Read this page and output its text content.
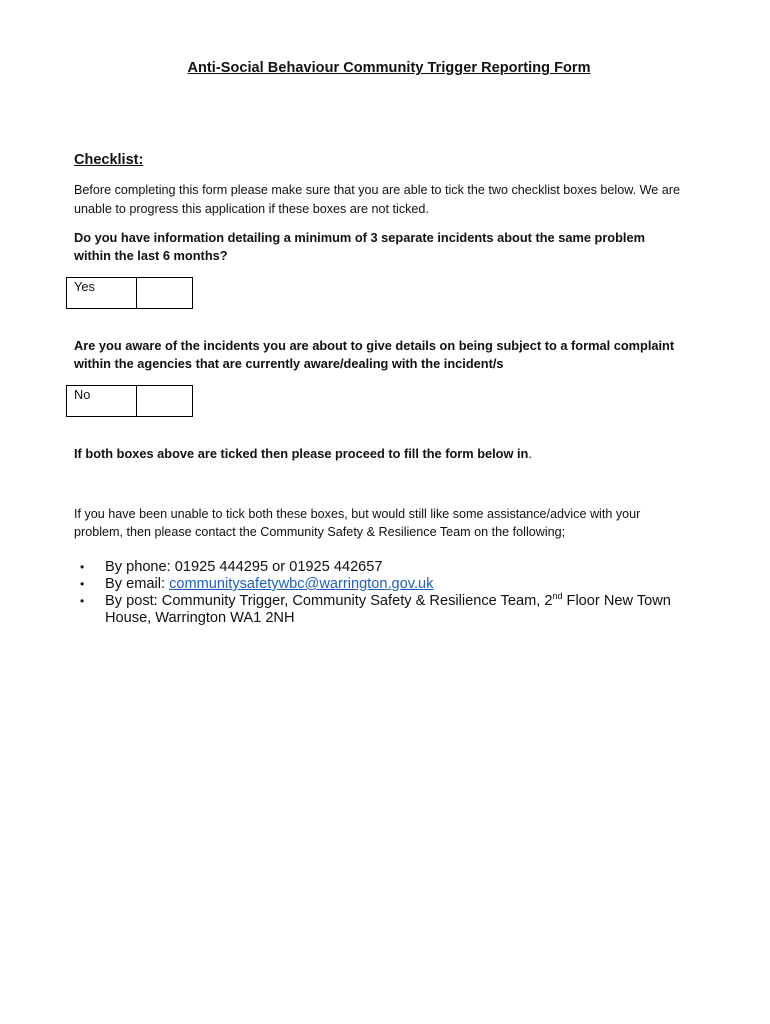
Anti-Social Behaviour Community Trigger Reporting Form
Checklist:
Before completing this form please make sure that you are able to tick the two checklist boxes below. We are unable to progress this application if these boxes are not ticked.
Do you have information detailing a minimum of 3 separate incidents about the same problem within the last 6 months?
Yes
Are you aware of the incidents you are about to give details on being subject to a formal complaint within the agencies that are currently aware/dealing with the incident/s
No
If both boxes above are ticked then please proceed to fill the form below in.
If you have been unable to tick both these boxes, but would still like some assistance/advice with your problem, then please contact the Community Safety & Resilience Team on the following;
• By phone: 01925 444295 or 01925 442657
• By email: communitysafetywbc@warrington.gov.uk
• By post: Community Trigger, Community Safety & Resilience Team, 2nd Floor New Town House, Warrington WA1 2NH
